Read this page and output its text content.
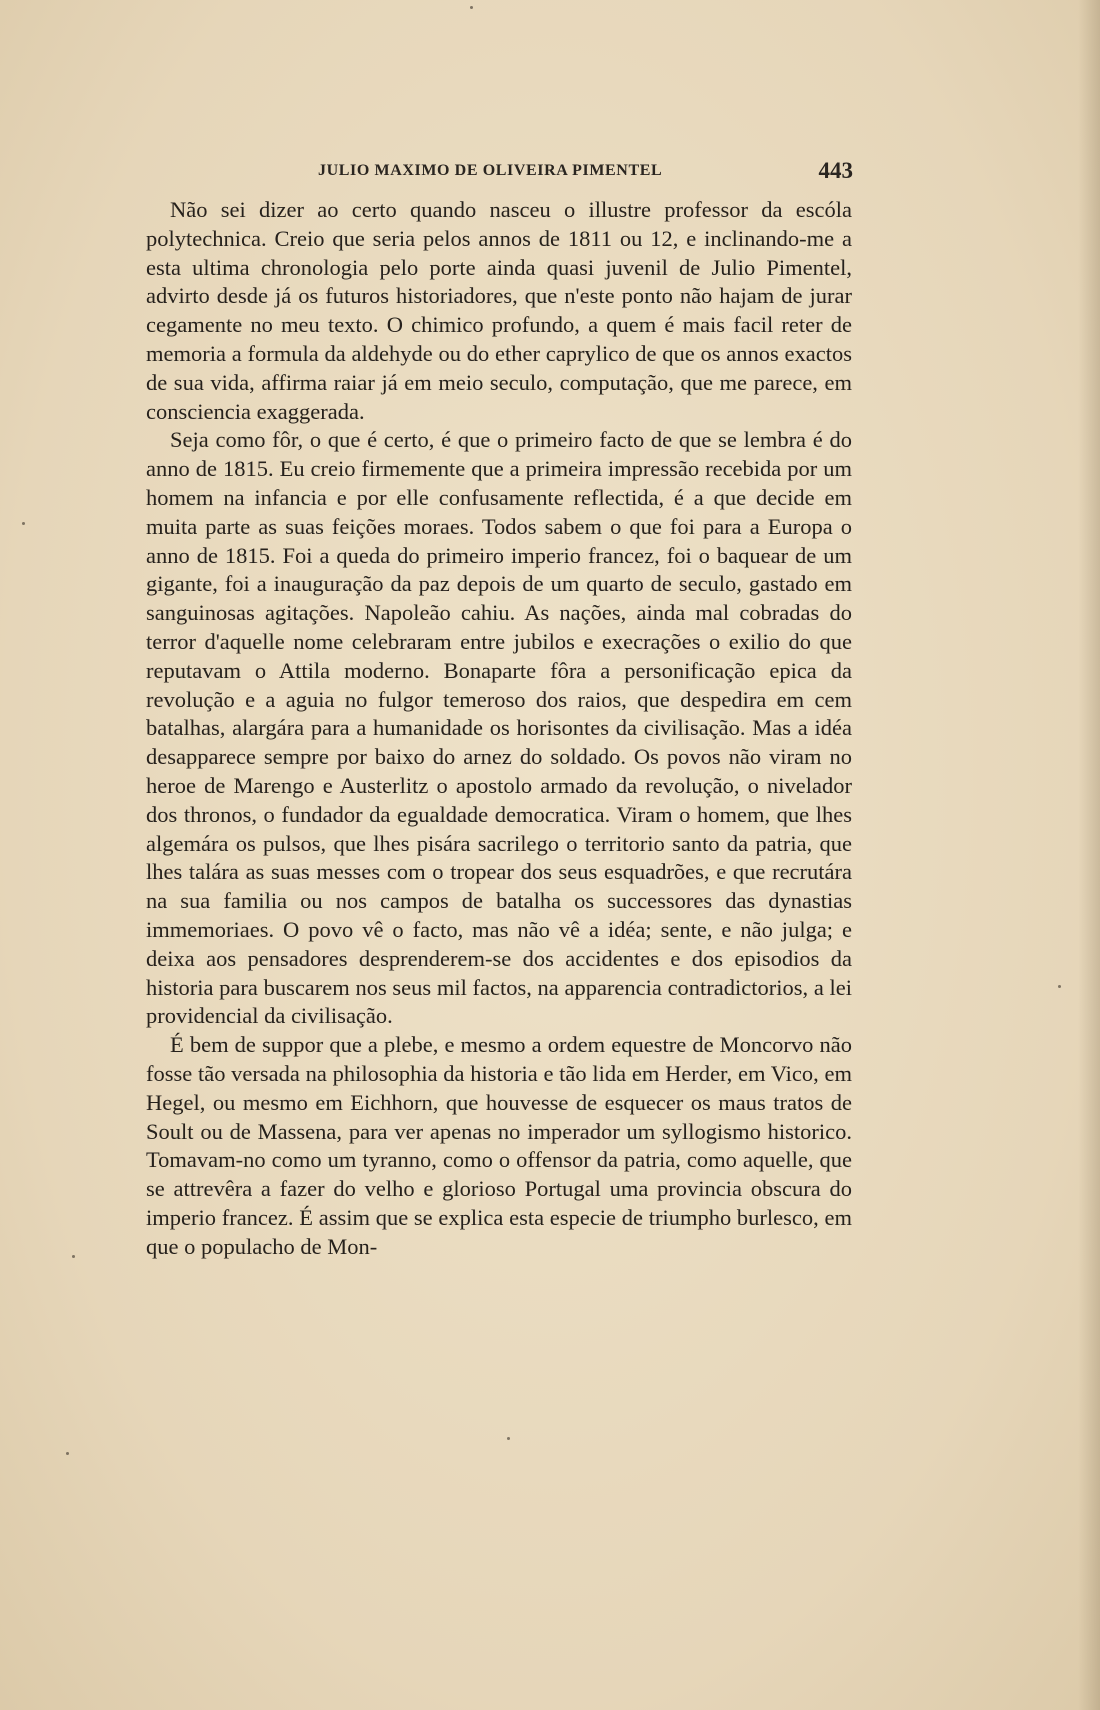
JULIO MAXIMO DE OLIVEIRA PIMENTEL	443

Não sei dizer ao certo quando nasceu o illustre professor da escóla polytechnica. Creio que seria pelos annos de 1811 ou 12, e inclinando-me a esta ultima chronologia pelo porte ainda quasi juvenil de Julio Pimentel, advirto desde já os futuros historiadores, que n'este ponto não hajam de jurar cegamente no meu texto. O chimico profundo, a quem é mais facil reter de memoria a formula da aldehyde ou do ether caprylico de que os annos exactos de sua vida, affirma raiar já em meio seculo, computação, que me parece, em consciencia exaggerada.

Seja como fôr, o que é certo, é que o primeiro facto de que se lembra é do anno de 1815. Eu creio firmemente que a primeira impressão recebida por um homem na infancia e por elle confusamente reflectida, é a que decide em muita parte as suas feições moraes. Todos sabem o que foi para a Europa o anno de 1815. Foi a queda do primeiro imperio francez, foi o baquear de um gigante, foi a inauguração da paz depois de um quarto de seculo, gastado em sanguinosas agitações. Napoleão cahiu. As nações, ainda mal cobradas do terror d'aquelle nome celebraram entre jubilos e execrações o exilio do que reputavam o Attila moderno. Bonaparte fôra a personificação epica da revolução e a aguia no fulgor temeroso dos raios, que despedira em cem batalhas, alargára para a humanidade os horisontes da civilisação. Mas a idéa desapparece sempre por baixo do arnez do soldado. Os povos não viram no heroe de Marengo e Austerlitz o apostolo armado da revolução, o nivelador dos thronos, o fundador da egualdade democratica. Viram o homem, que lhes algemára os pulsos, que lhes pisára sacrilego o territorio santo da patria, que lhes talára as suas messes com o tropear dos seus esquadrões, e que recrutára na sua familia ou nos campos de batalha os successores das dynastias immemoriaes. O povo vê o facto, mas não vê a idéa; sente, e não julga; e deixa aos pensadores desprenderem-se dos accidentes e dos episodios da historia para buscarem nos seus mil factos, na apparencia contradictorios, a lei providencial da civilisação.

É bem de suppor que a plebe, e mesmo a ordem equestre de Moncorvo não fosse tão versada na philosophia da historia e tão lida em Herder, em Vico, em Hegel, ou mesmo em Eichhorn, que houvesse de esquecer os maus tratos de Soult ou de Massena, para ver apenas no imperador um syllogismo historico. Tomavam-no como um tyranno, como o offensor da patria, como aquelle, que se attrevêra a fazer do velho e glorioso Portugal uma provincia obscura do imperio francez. É assim que se explica esta especie de triumpho burlesco, em que o populacho de Mon-
